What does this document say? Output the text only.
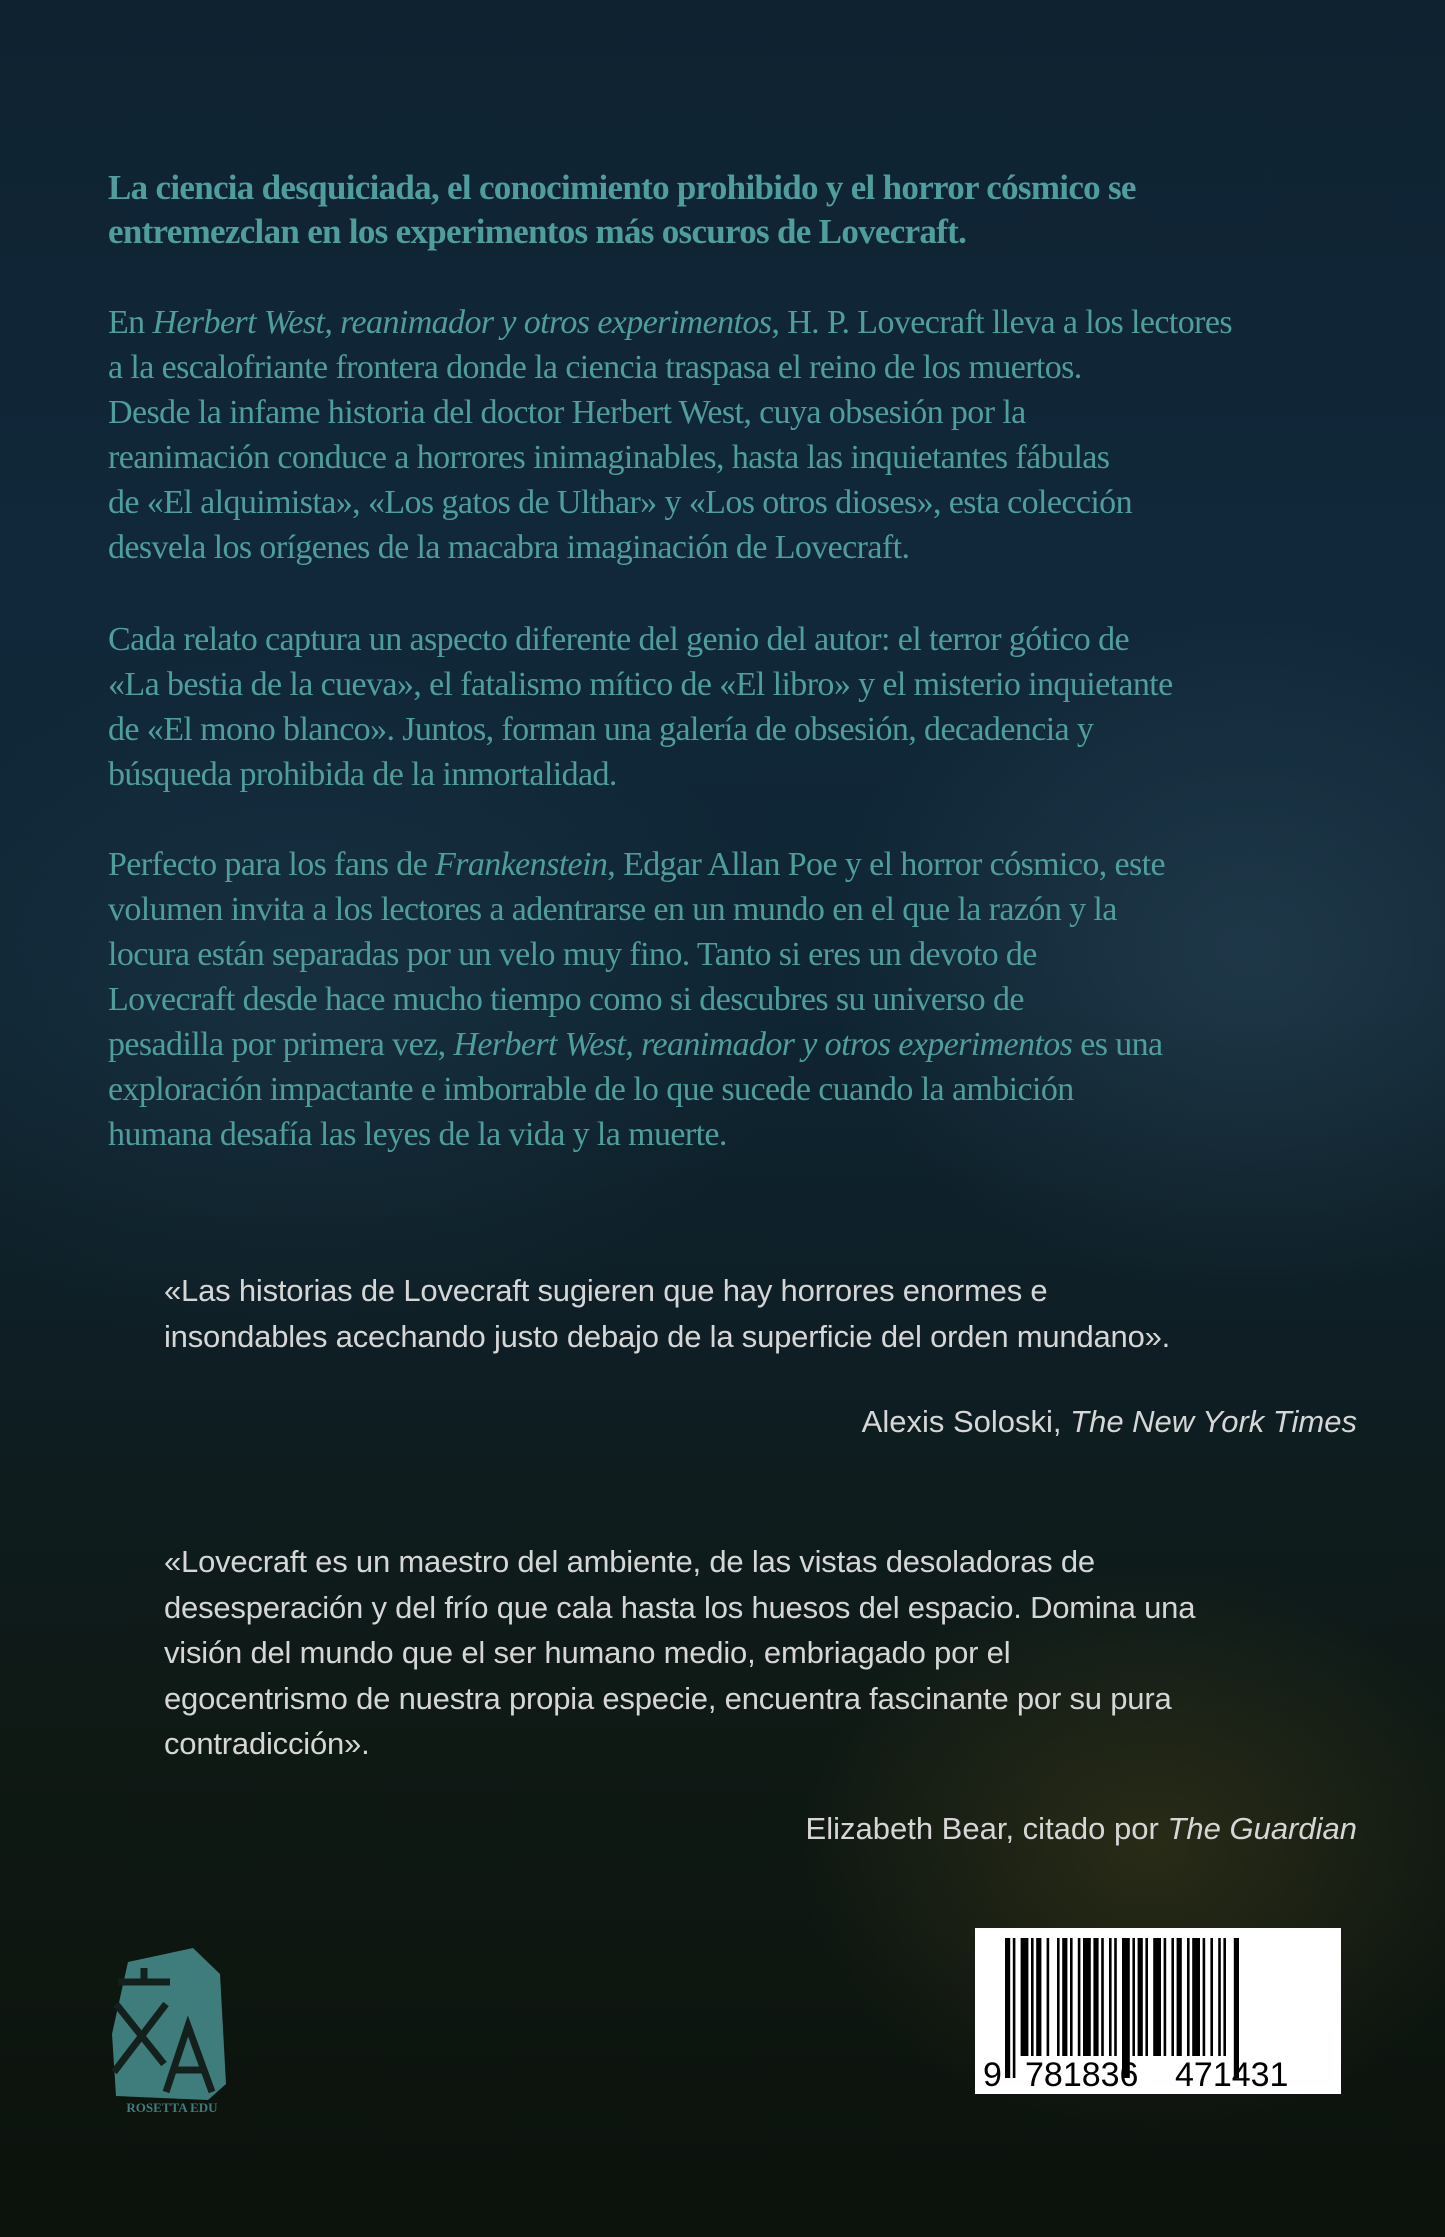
La ciencia desquiciada, el conocimiento prohibido y el horror cósmico se
entremezclan en los experimentos más oscuros de Lovecraft.
En Herbert West, reanimador y otros experimentos, H. P. Lovecraft lleva a los lectores
a la escalofriante frontera donde la ciencia traspasa el reino de los muertos.
Desde la infame historia del doctor Herbert West, cuya obsesión por la
reanimación conduce a horrores inimaginables, hasta las inquietantes fábulas
de «El alquimista», «Los gatos de Ulthar» y «Los otros dioses», esta colección
desvela los orígenes de la macabra imaginación de Lovecraft.
Cada relato captura un aspecto diferente del genio del autor: el terror gótico de
«La bestia de la cueva», el fatalismo mítico de «El libro» y el misterio inquietante
de «El mono blanco». Juntos, forman una galería de obsesión, decadencia y
búsqueda prohibida de la inmortalidad.
Perfecto para los fans de Frankenstein, Edgar Allan Poe y el horror cósmico, este
volumen invita a los lectores a adentrarse en un mundo en el que la razón y la
locura están separadas por un velo muy fino. Tanto si eres un devoto de
Lovecraft desde hace mucho tiempo como si descubres su universo de
pesadilla por primera vez, Herbert West, reanimador y otros experimentos es una
exploración impactante e imborrable de lo que sucede cuando la ambición
humana desafía las leyes de la vida y la muerte.
«Las historias de Lovecraft sugieren que hay horrores enormes e
insondables acechando justo debajo de la superficie del orden mundano».
Alexis Soloski, The New York Times
«Lovecraft es un maestro del ambiente, de las vistas desoladoras de
desesperación y del frío que cala hasta los huesos del espacio. Domina una
visión del mundo que el ser humano medio, embriagado por el
egocentrismo de nuestra propia especie, encuentra fascinante por su pura
contradicción».
Elizabeth Bear, citado por The Guardian
ROSETTA EDU
9 781836 471431
